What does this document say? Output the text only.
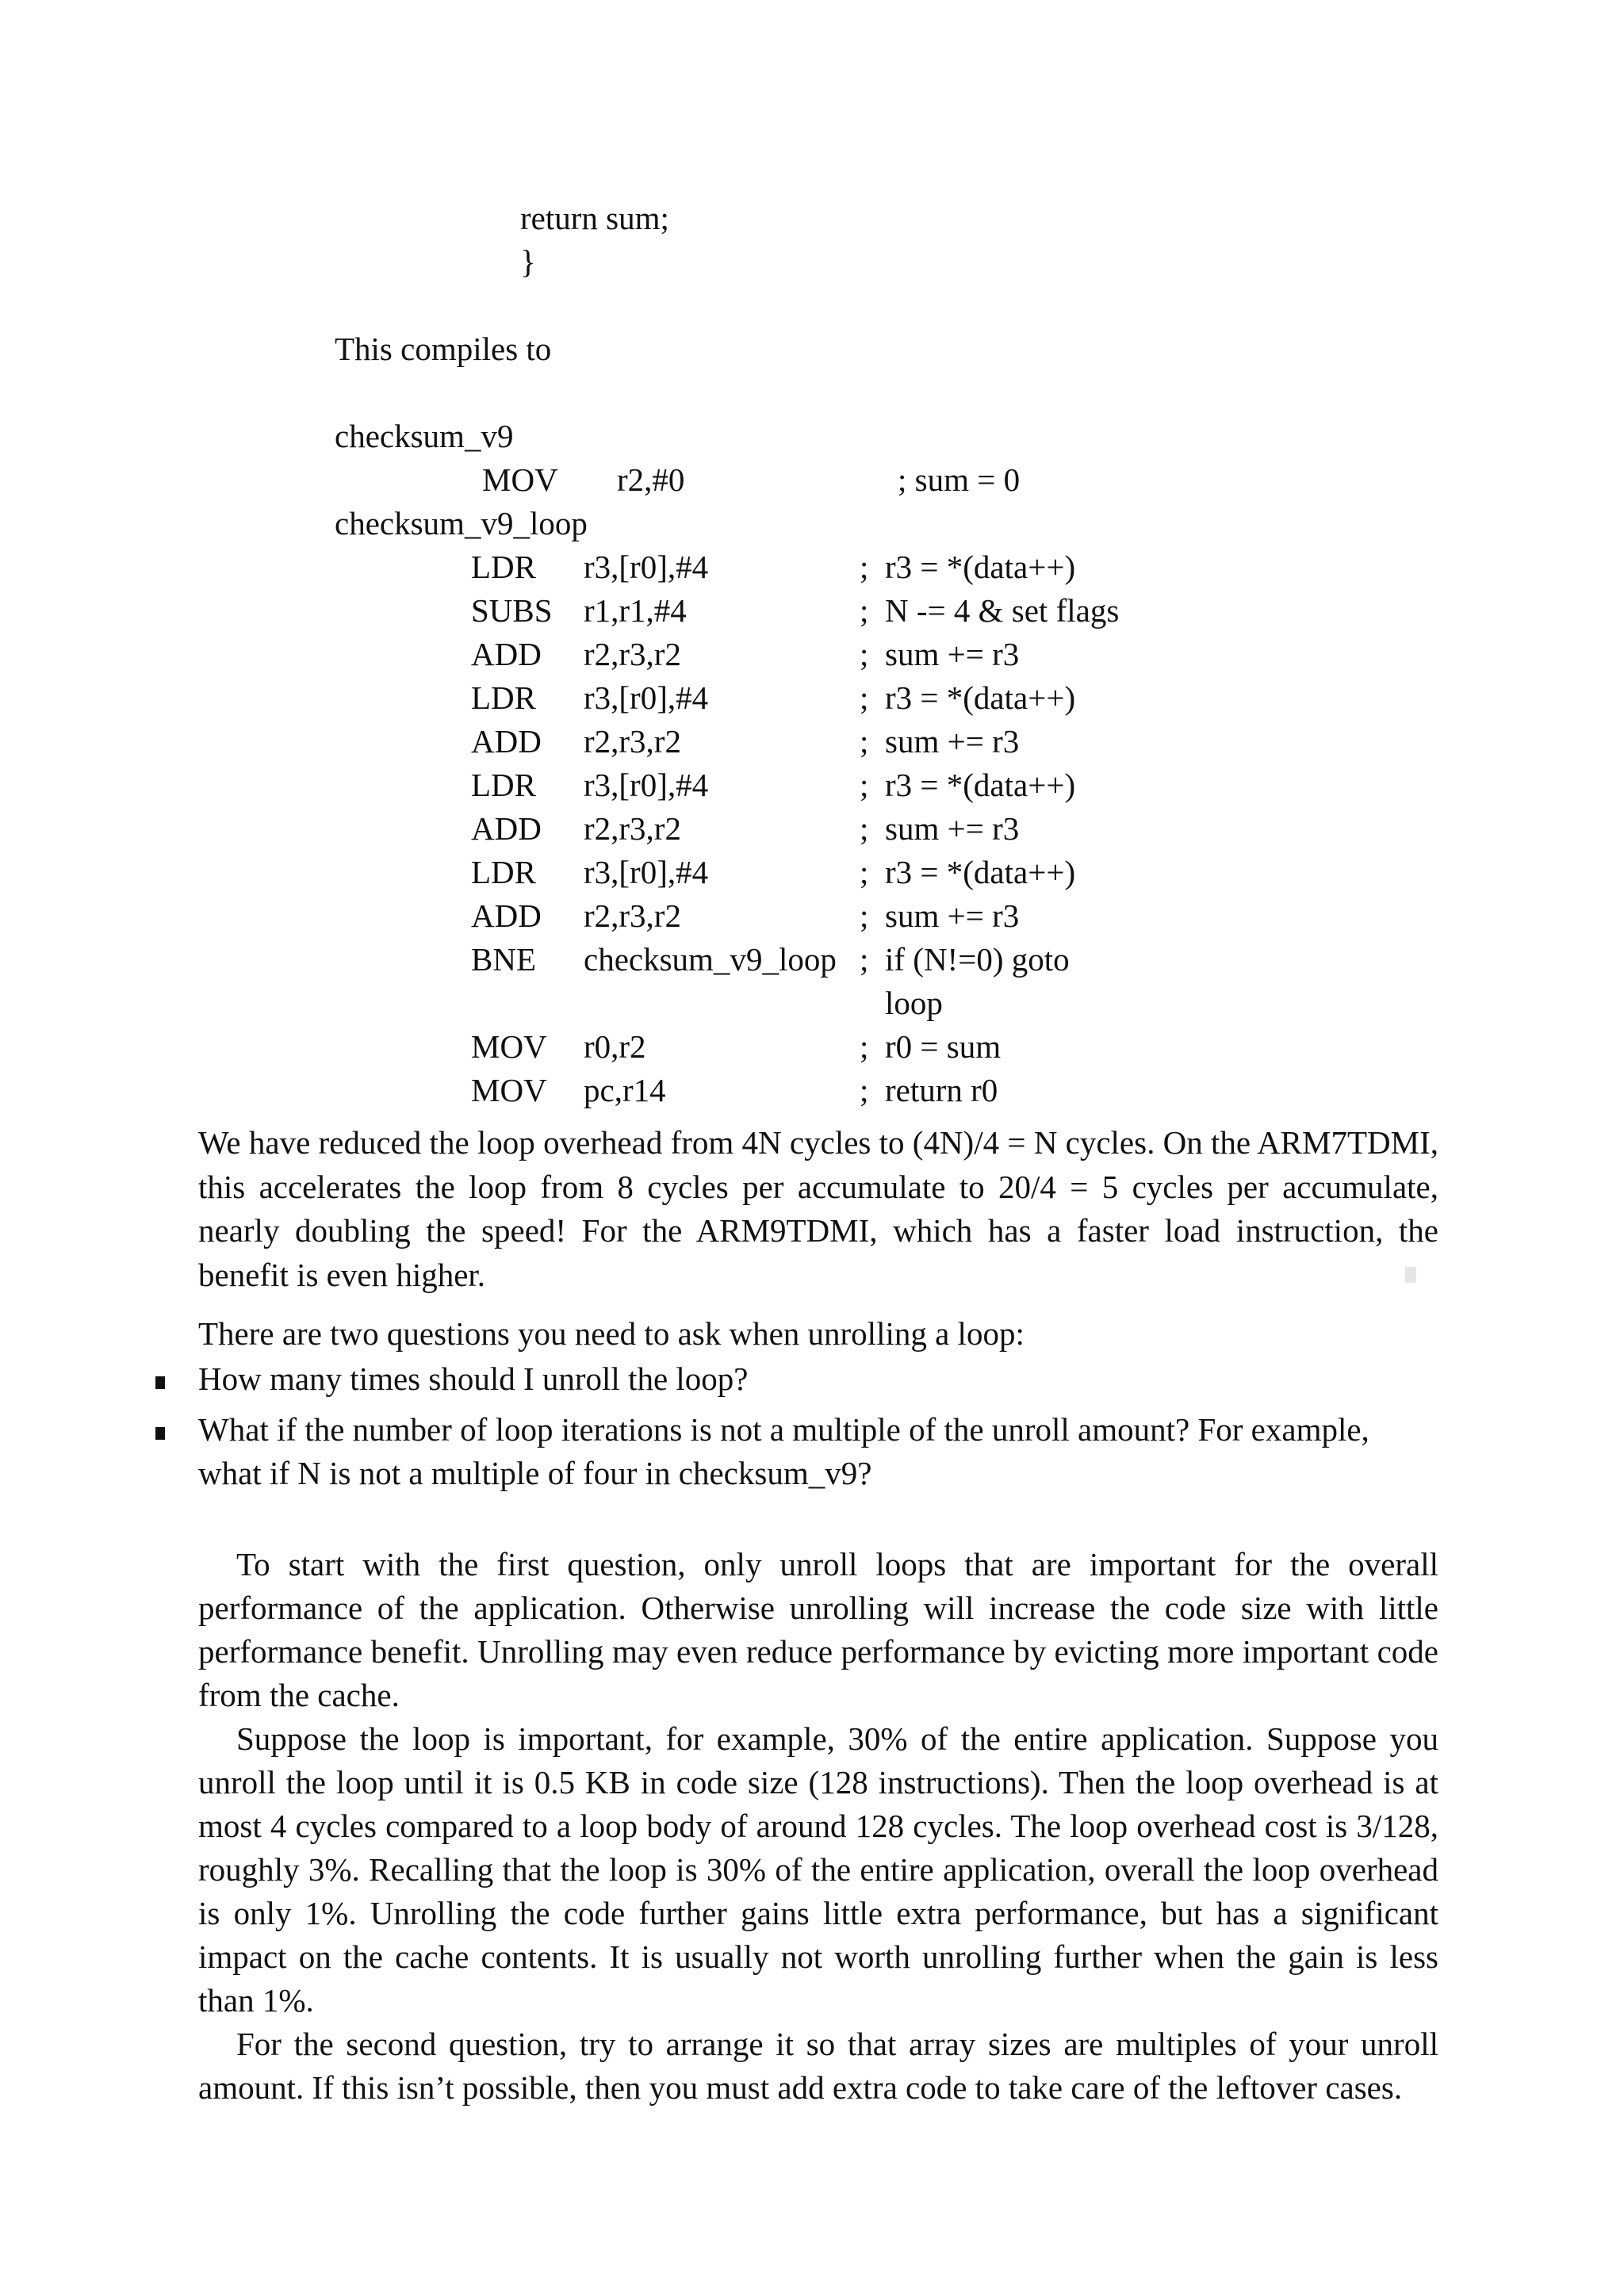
return sum;
}
This compiles to
checksum_v9
MOV r2,#0	; sum = 0
checksum_v9_loop
LDR r3,[r0],#4	; r3 = *(data++)
SUBS r1,r1,#4	; N -= 4 & set flags
ADD r2,r3,r2	; sum += r3
LDR r3,[r0],#4	; r3 = *(data++)
ADD r2,r3,r2	; sum += r3
LDR r3,[r0],#4	; r3 = *(data++)
ADD r2,r3,r2	; sum += r3
LDR r3,[r0],#4	; r3 = *(data++)
ADD r2,r3,r2	; sum += r3
BNE checksum_v9_loop ; if (N!=0) goto
loop
MOV r0,r2	; r0 = sum
MOV pc,r14	; return r0
We have reduced the loop overhead from 4N cycles to (4N)/4 = N cycles. On the ARM7TDMI, this accelerates the loop from 8 cycles per accumulate to 20/4 = 5 cycles per accumulate, nearly doubling the speed! For the ARM9TDMI, which has a faster load instruction, the benefit is even higher.
There are two questions you need to ask when unrolling a loop:
How many times should I unroll the loop?
What if the number of loop iterations is not a multiple of the unroll amount? For example, what if N is not a multiple of four in checksum_v9?
To start with the first question, only unroll loops that are important for the overall performance of the application. Otherwise unrolling will increase the code size with little performance benefit. Unrolling may even reduce performance by evicting more important code from the cache.
Suppose the loop is important, for example, 30% of the entire application. Suppose you unroll the loop until it is 0.5 KB in code size (128 instructions). Then the loop overhead is at most 4 cycles compared to a loop body of around 128 cycles. The loop overhead cost is 3/128, roughly 3%. Recalling that the loop is 30% of the entire application, overall the loop overhead is only 1%. Unrolling the code further gains little extra performance, but has a significant impact on the cache contents. It is usually not worth unrolling further when the gain is less than 1%.
For the second question, try to arrange it so that array sizes are multiples of your unroll amount. If this isn’t possible, then you must add extra code to take care of the leftover cases.
